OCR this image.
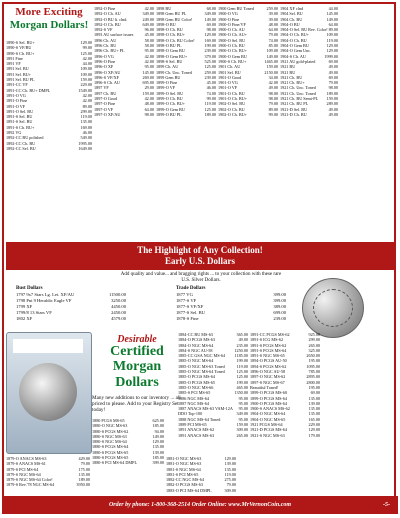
More Exciting
Morgan Dollars!
1890-S Sel. BU+	129.00
1890-S VF/BU	99.00
1890-S Ch. BU+	125.00
1891 Fine	42.00
1891 VF	44.00
1891 Sel. BU	109.00
1891 Sel. BU+	109.00
1891 Sel. BU PL	159.00
1891-CC VF	229.00
1891-CC Ch. BU+ DMPL	1549.00
1891-O VG	42.00
1891-O Fine	42.00
1891-O VF	89.00
1891-O Sel. BU	299.00
1891-S Sel. BU	119.00
1891-S Sel. BU	135.00
1891-S Ch. BU+	169.00
1892 VG	46.00
1892-CC BU polished	549.00
1892-CC Ch. BU	1995.00
1892-CC Sel. BU	1649.00
1892-O Fine	42.00
1892-O Ch. AU	349.00
1892-O BU lt. clnd.	249.00
1892-O Ch. BU	649.00
1892-S VF	96.00
1893 AU surface issues	45.00
1896 Ch. AU	58.00
1896 Ch. BU	58.00
1896 Ch. BU+ PL	95.00
1896-O VG	42.00
1896-O Fine	42.00
1896-O XF	95.00
1896-O XF/AU	145.00
1896-S VF/XF	269.00
1896-S Ch. AU	695.00
1897 VF	29.00
1897 Ch. BU	159.00
1897-O Good	42.00
1897-O Fine	48.00
1897-O VF	64.00
1897-O XF/AU	98.00
1898 BU	68.00
1898 Gem BU PL	349.00
1898 Gem BU Color!	149.00
1898-O BU	69.00
1898-O Ch. BU	98.00
1898-O Ch. BU+	129.00
1898-O Ch. BU Color! 169.00
1898-O BU PL	199.00
1898-O Gem BU	239.00
1898-O Gem BU+	379.00
1898-S Sel. BU	525.00
1899 Ch. AU	125.00
1899 Ch. Unc. Toned	259.00
1899 Gem BU	239.00
1899-O Fine	45.00
1899-O VF	46.00
1899-O Sel. BU	74.00
1899-O Ch. BU	99.00
1899-O Ch. BU+	119.00
1899-O Gem BU	125.00
1899-O BU PL	189.00
1900 Gem BU Toned	259.00
1900-O VG	39.00
1900-O Fine	39.00
1900-O Fine/VF	48.00
1900-O Ch. AU	64.00
1900-O Ch. AU+	79.00
1900-O Sel. BU	74.00
1900-O Ch. BU	85.00
1900-O Ch. BU+	109.00
1900-O Gem BU	149.00
1900-S Ch. BU+	1465.00
1901 Ch. AU	159.00
1901 Sel. BU	2150.00
1901-O Good	34.00
1901-O VG	42.00
1901-O VF	49.00
1901-O Ch. BU	98.00
1901-O Ch. BU+	98.00
1902-O Sel. BU	79.00
1902-O Ch. BU	89.00
1902-O Ch. BU+	99.00
1904 XF clnd	44.00
1904 Sel. BU	145.00
1904 Ch. BU	149.00
1904-O BU	64.00
1904-O Sel. BU Rev. Color! 89.00
1904-O Ch. BU+	109.00
1904-O Ch. BU	119.00
1904-O Gem BU	129.00
1904-O Gem Unc.	129.00
1904-S Ch. AU	1999.00
1921 AU gold-plated	69.00
1921 BU	49.00
1921 BU	49.00
1921 Ch. BU	69.00
1921 Ch. BU+	79.00
1921 Ch. Unc. Toned	98.00
1921 Ch. Unc. Toned	189.00
1921 Ch. BU Semi-PL 159.00
1921 Ch. BU PL	289.00
1921-D Sel. BU	49.00
1921-D Ch. BU	49.00
The Highlight of Any Collection!
Early U.S. Dollars
Add quality and value... and bragging rights ... to your collection with these rare U.S. Silver Dollars.
Bust Dollars
1797 9x7 Stars Lg. Let. XF/AU	11500.00
1798 Pnt 9 Heraldic Eagle VF	3250.00
1799 XF	4450.00
1799/8 13 Stars VF	2450.00
1802 XF	4579.00
Trade Dollars
1877 VG	399.00
1877-S VF	399.00
1877-S VF/XF	389.00
1877-S Sel. BU	699.00
1878-S Fine	239.00
Desirable
Certified
Morgan Dollars
Many new additions to our inventory ... all priced to please. Add to your Registry Set today!
1884-CC BU MS-63	365.00
1884-O PCGS MS-63	49.00
1884-O NGC MS-64	235.00
1884-S NGC AU-58	1250.00
1885-CC GSA NGC MS-64 1185.00
1885-O NGC MS-64	199.00
1885-O NGC MS-63 Toned	119.00
1885-O NGC MS-64 Toned	125.00
1885-O PCGS MS-64	125.00
1885-O PCGS MS-65	199.00
1885-O NGC MS-66	465.00
1885-S PCI MS-65	1350.00
1886 NGC MS-64	95.00
1887 NGC MS-64	95.00
1887 ANACS MS-63 VAM-12A 95.00
DDO Top-100	349.00
1888 NGC MS-64 Toned	95.00
1889 PCI MS-65	159.00
1891 ANACS MS-62	309.00
1891 ANACS MS-63	265.00
1891-CC PCGS MS-62	925.00
1891-S ICG MS-62	299.00
1891-S PCGS MS-62	265.00
1891-S PCGS MS-64	325.00
1891-S NGC MS-65	2650.00
1894-O PCGS AU-50	195.00
1894-S PCGS MS-62	1095.00
1896-O NGC AU-58	785.00
1897-O NGC MS-62	2895.00
1897-S NGC MS-67	2800.00
Beautiful Toned!	195.00
1899-O PCGS MS-60	69.00
1899-O PCGS MS-64	135.00
1900-O PCGS MS-64	139.00
1900-S ANACS MS-62	135.00
1904-O NGC MS-64	135.00
1904-O NGC MS-65	165.00
1921 PCGS MS-64	229.00
1921-D PCGS MS-64	129.00
1921-S NGC MS-63	179.00
1879-O ANACS MS-63	429.00
1879-S ANACS MS-61	79.00
1879-S PCI MS-64	175.00
1879-S NGC MS-64	135.00
1879-S NGC MS-64 Color!	189.00
1879-S Rev.'78 NGC MS-64	3950.00
1880 PCGS MS-65	625.00
1880-O NGC MS-63	185.00
1880-S PCGS MS-62	94.00
1880-S NGC MS-63	149.00
1880-S NGC MS-64	129.00
1880-S PCGS MS-64	135.00
1880-S PCGS MS-65	139.00
1880-S PCGS MS-65	185.00
1880-S PCI MS-64 DMPL	399.00
1881-O NGC MS-63	129.00
1881-O NGC MS-63	139.00
1881-S NGC MS-64	135.00
1881-S PCI MS-65	119.00
1882-CC NGC MS-64	275.00
1882-O PCGS MS-63	79.00
1883-O PCI MS-64 DMPL	309.00
Order by phone: 1-800-368-2514 Order Online: www.MrVernonCoin.com	-5-
